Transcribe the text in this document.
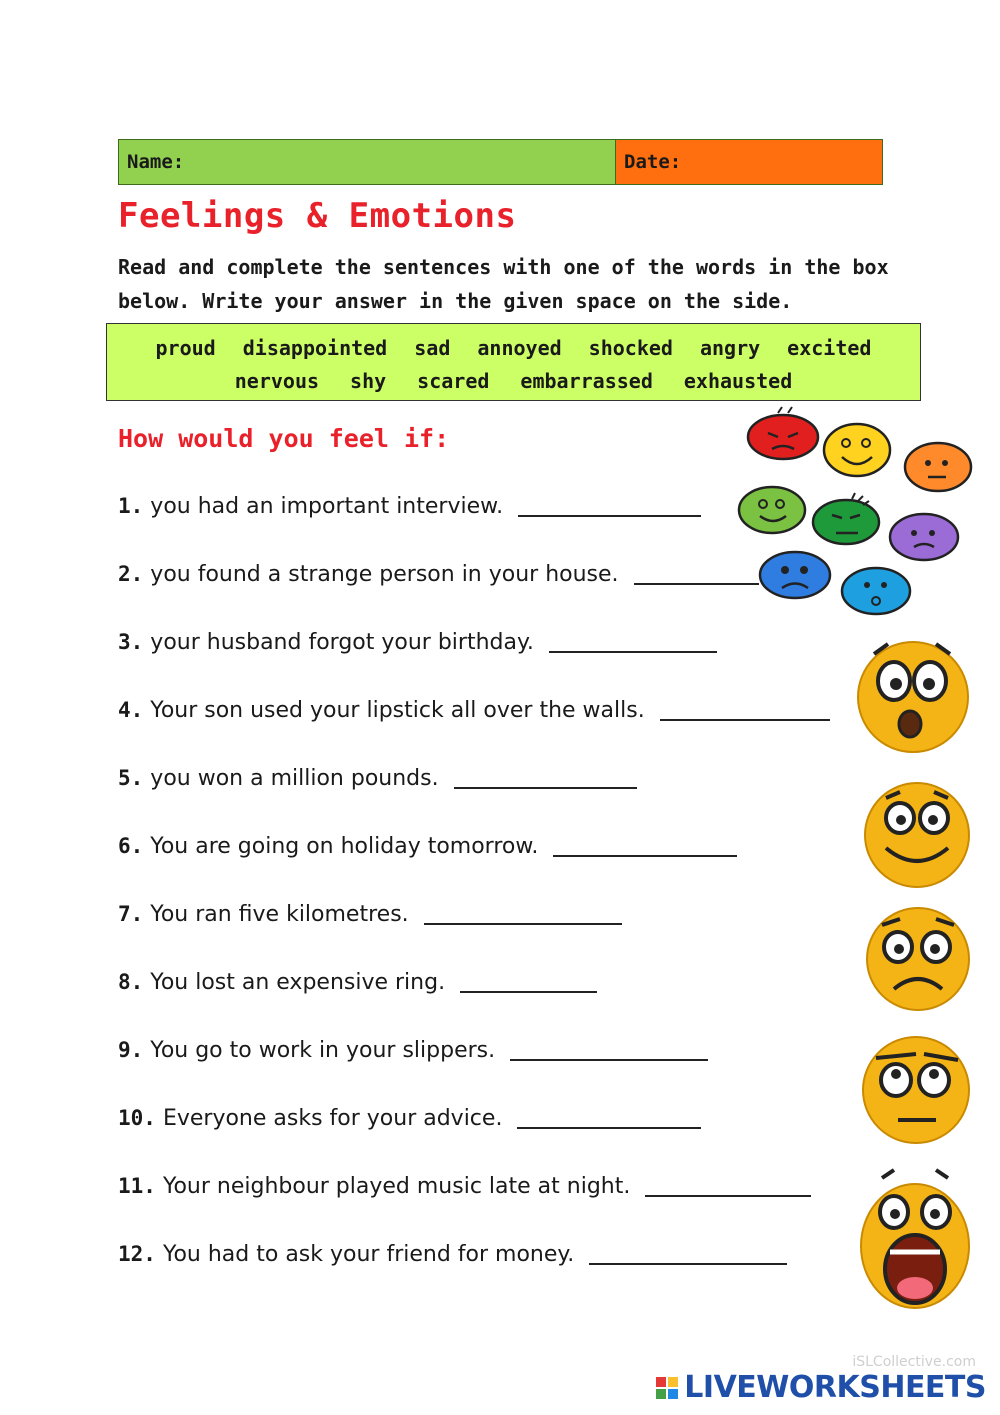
Name:	Date:
Feelings & Emotions

Read and complete the sentences with one of the words in the box below. Write your answer in the given space on the side.

proud disappointed sad annoyed shocked angry excited
nervous shy scared embarrassed exhausted
How would you feel if:
1. you had an important interview.
2. you found a strange person in your house.
3. your husband forgot your birthday.
4. Your son used your lipstick all over the walls.
5. you won a million pounds.
6. You are going on holiday tomorrow.
7. You ran five kilometres.
8. You lost an expensive ring.
9. You go to work in your slippers.
10. Everyone asks for your advice.
11. Your neighbour played music late at night.
12. You had to ask your friend for money.
iSLCollective.com
LIVEWORKSHEETS
